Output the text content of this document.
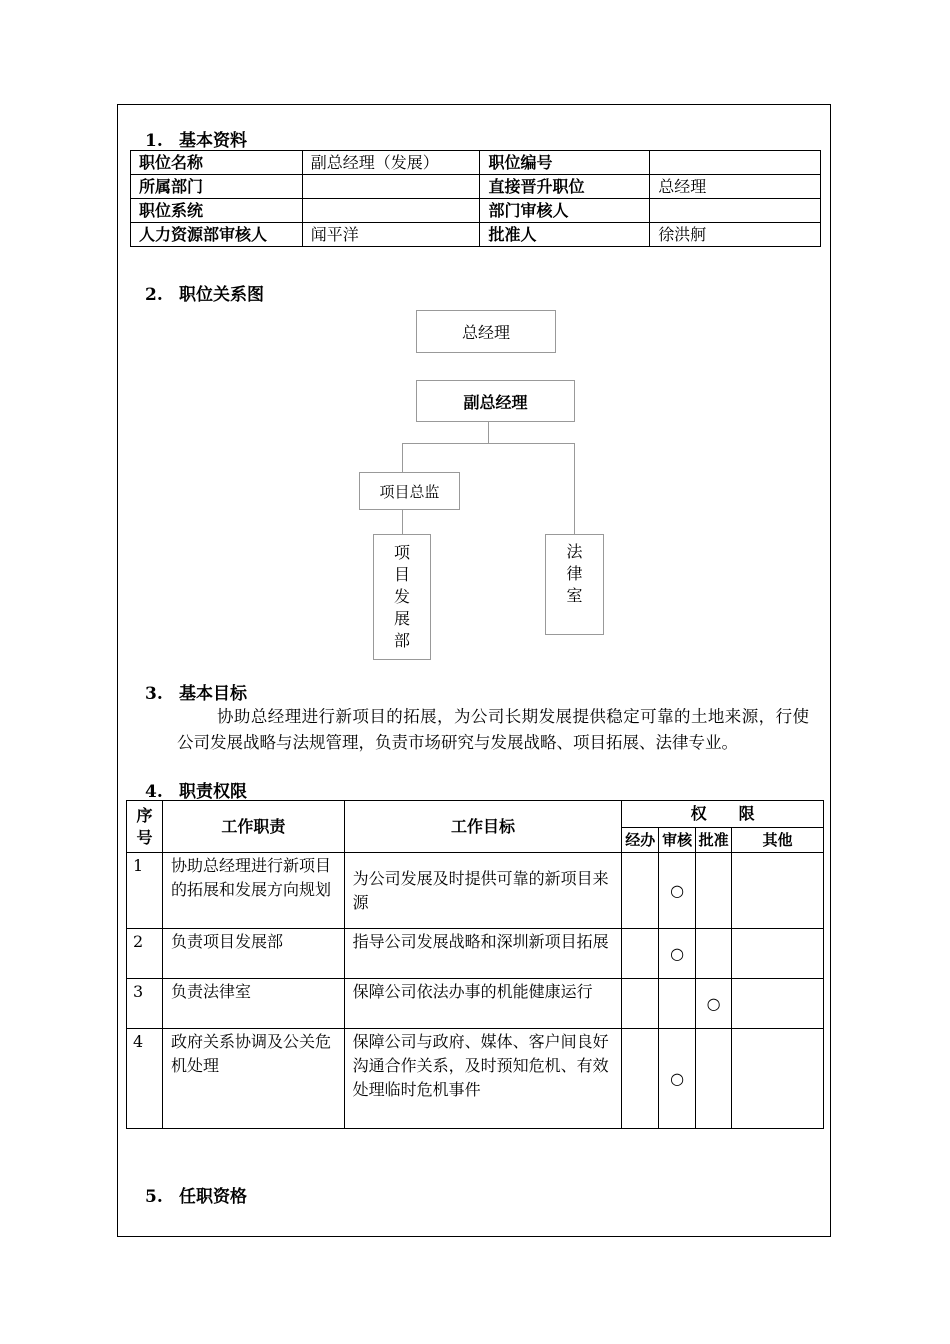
1. 基本资料
职位名称	副总经理（发展）	职位编号	
所属部门		直接晋升职位	总经理
职位系统		部门审核人	
人力资源部审核人	闻平洋	批准人	徐洪舸
2. 职位关系图
总经理
副总经理
项目总监
项
目
发
展
部
法
律
室
3. 基本目标
协助总经理进行新项目的拓展，为公司长期发展提供稳定可靠的土地来源，行使公司发展战略与法规管理，负责市场研究与发展战略、项目拓展、法律专业。
4. 职责权限
序号	工作职责	工作目标	权　　限			
			经办	审核	批准	其他
1	协助总经理进行新项目的拓展和发展方向规划	为公司发展及时提供可靠的新项目来源		○		
2	负责项目发展部	指导公司发展战略和深圳新项目拓展		○		
3	负责法律室	保障公司依法办事的机能健康运行			○	
4	政府关系协调及公关危机处理	保障公司与政府、媒体、客户间良好沟通合作关系，及时预知危机、有效处理临时危机事件		○		
5. 任职资格
